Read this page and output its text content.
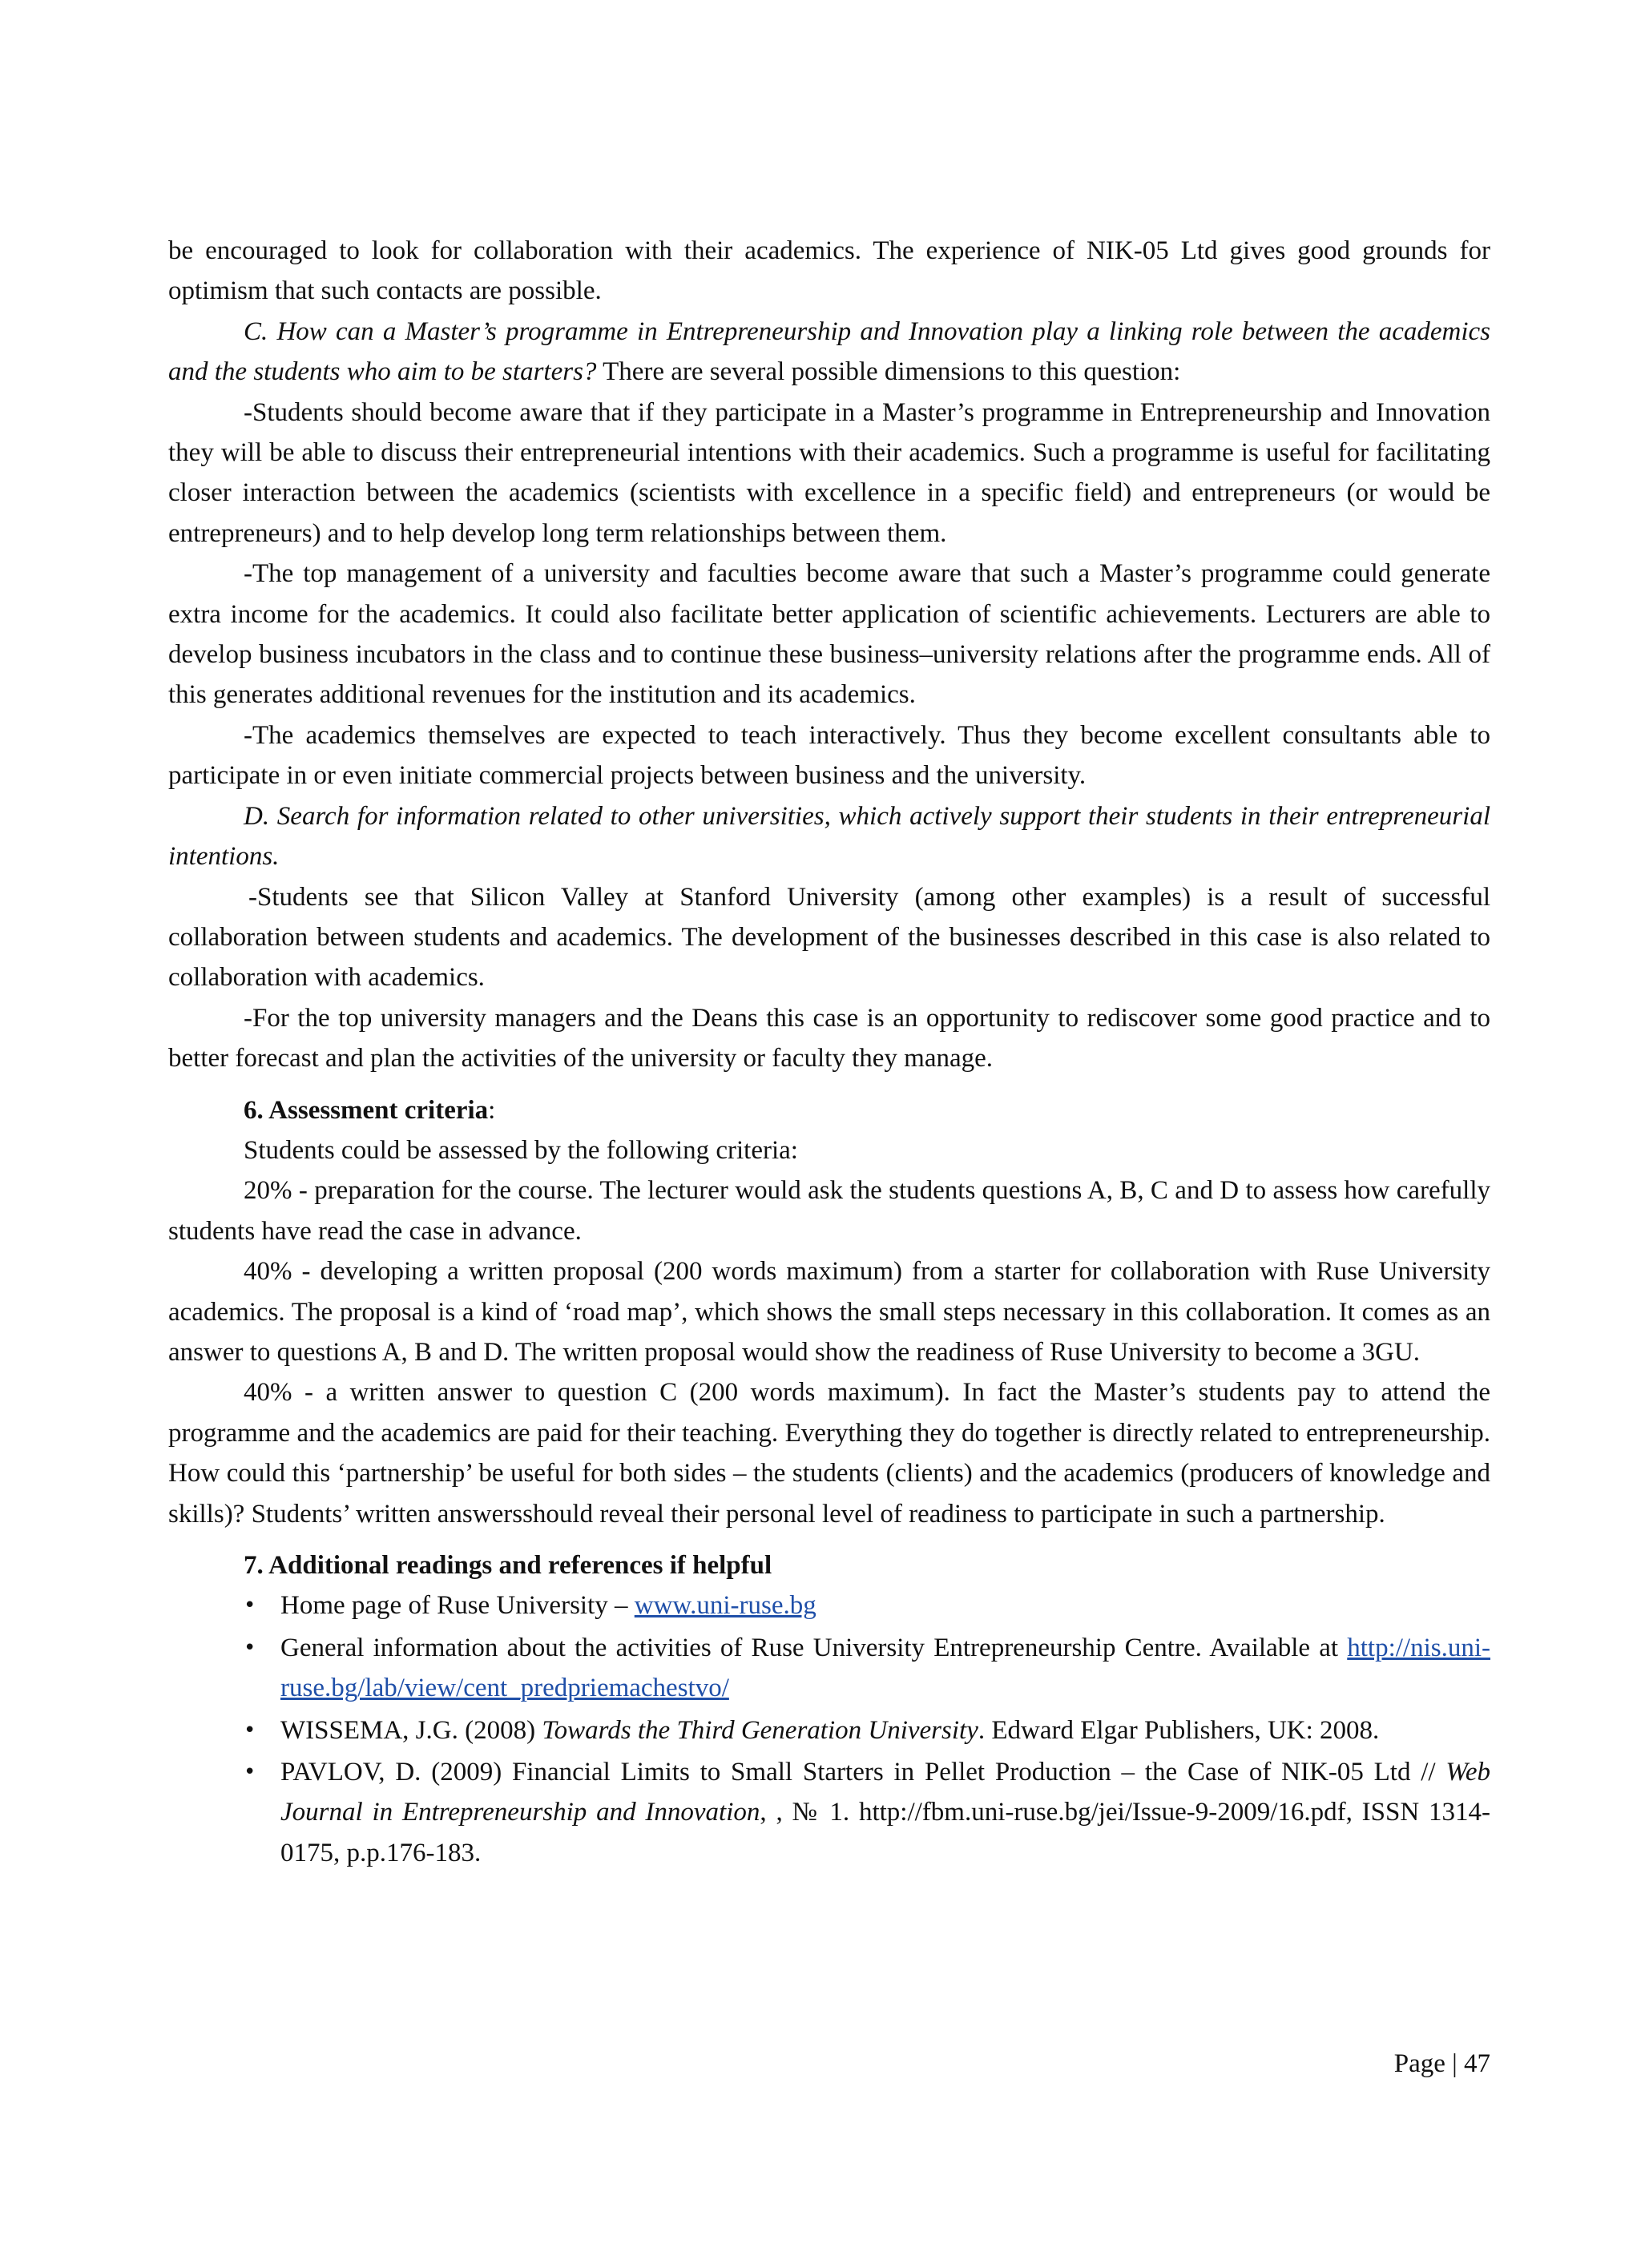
be encouraged to look for collaboration with their academics. The experience of NIK-05 Ltd gives good grounds for optimism that such contacts are possible.

C. How can a Master’s programme in Entrepreneurship and Innovation play a linking role between the academics and the students who aim to be starters? There are several possible dimensions to this question:

-Students should become aware that if they participate in a Master’s programme in Entrepreneurship and Innovation they will be able to discuss their entrepreneurial intentions with their academics. Such a programme is useful for facilitating closer interaction between the academics (scientists with excellence in a specific field) and entrepreneurs (or would be entrepreneurs) and to help develop long term relationships between them.

-The top management of a university and faculties become aware that such a Master’s programme could generate extra income for the academics. It could also facilitate better application of scientific achievements. Lecturers are able to develop business incubators in the class and to continue these business–university relations after the programme ends. All of this generates additional revenues for the institution and its academics.

-The academics themselves are expected to teach interactively. Thus they become excellent consultants able to participate in or even initiate commercial projects between business and the university.

D. Search for information related to other universities, which actively support their students in their entrepreneurial intentions.

-Students see that Silicon Valley at Stanford University (among other examples) is a result of successful collaboration between students and academics. The development of the businesses described in this case is also related to collaboration with academics.

-For the top university managers and the Deans this case is an opportunity to rediscover some good practice and to better forecast and plan the activities of the university or faculty they manage.

6. Assessment criteria:

Students could be assessed by the following criteria:

20% - preparation for the course. The lecturer would ask the students questions A, B, C and D to assess how carefully students have read the case in advance.

40% - developing a written proposal (200 words maximum) from a starter for collaboration with Ruse University academics. The proposal is a kind of ‘road map’, which shows the small steps necessary in this collaboration. It comes as an answer to questions A, B and D. The written proposal would show the readiness of Ruse University to become a 3GU.

40% - a written answer to question C (200 words maximum). In fact the Master’s students pay to attend the programme and the academics are paid for their teaching. Everything they do together is directly related to entrepreneurship. How could this ‘partnership’ be useful for both sides – the students (clients) and the academics (producers of knowledge and skills)? Students’ written answersshould reveal their personal level of readiness to participate in such a partnership.

7. Additional readings and references if helpful

• Home page of Ruse University – www.uni-ruse.bg
• General information about the activities of Ruse University Entrepreneurship Centre. Available at http://nis.uni-ruse.bg/lab/view/cent_predpriemachestvo/
• WISSEMA, J.G. (2008) Towards the Third Generation University. Edward Elgar Publishers, UK: 2008.
• PAVLOV, D. (2009) Financial Limits to Small Starters in Pellet Production – the Case of NIK-05 Ltd // Web Journal in Entrepreneurship and Innovation, , № 1. http://fbm.uni-ruse.bg/jei/Issue-9-2009/16.pdf, ISSN 1314-0175, p.p.176-183.
Page | 47
